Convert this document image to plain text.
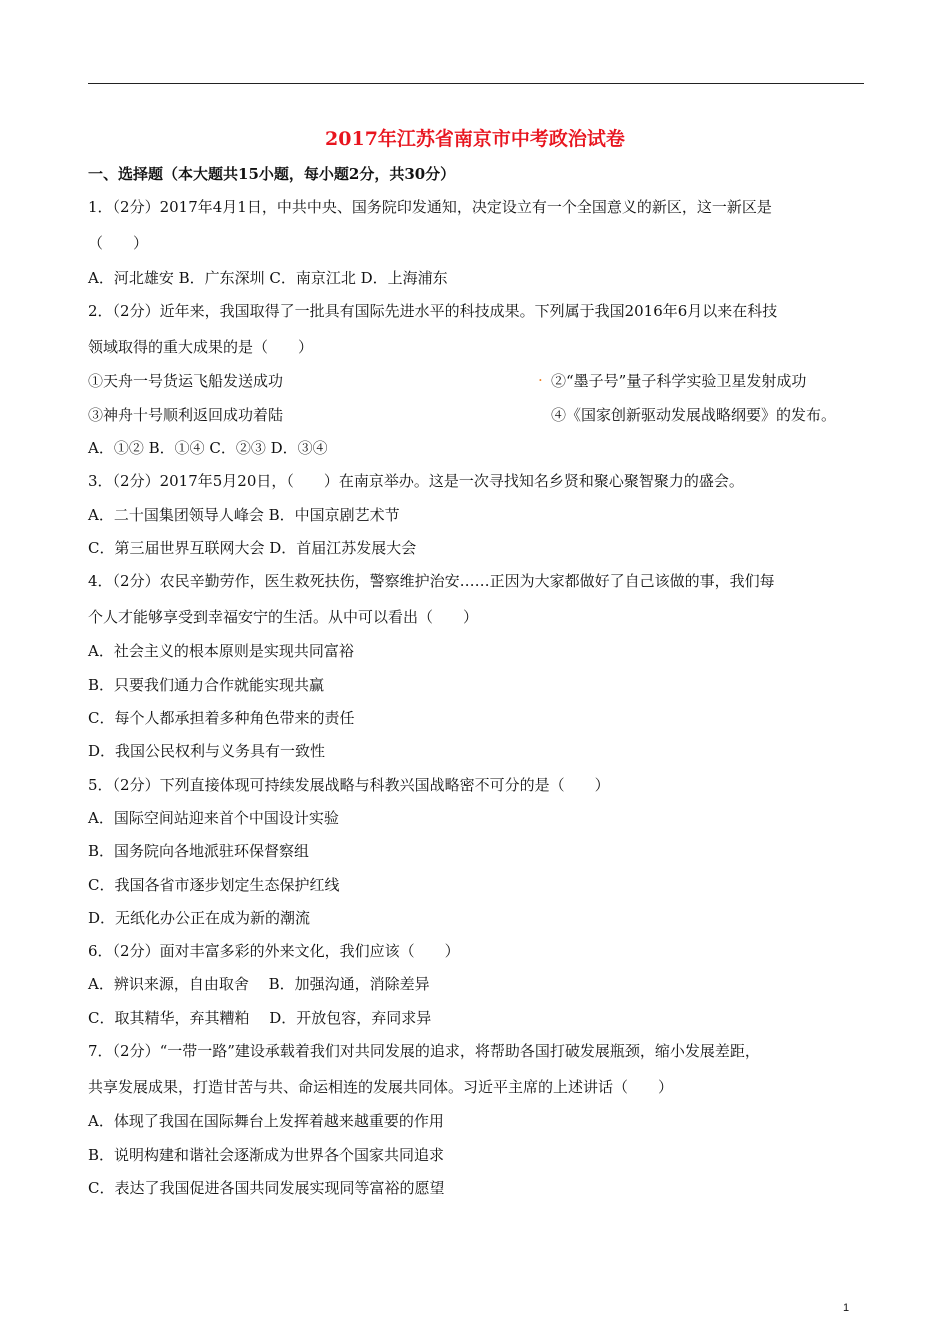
2017年江苏省南京市中考政治试卷
一、选择题（本大题共15小题，每小题2分，共30分）
1．（2分）2017年4月1日，中共中央、国务院印发通知，决定设立有一个全国意义的新区，这一新区是
（　　）
A．河北雄安 B．广东深圳 C．南京江北 D．上海浦东
2．（2分）近年来，我国取得了一批具有国际先进水平的科技成果。下列属于我国2016年6月以来在科技
领域取得的重大成果的是（　　）
①天舟一号货运飞船发送成功	. ②“墨子号”量子科学实验卫星发射成功
③神舟十号顺利返回成功着陆	④《国家创新驱动发展战略纲要》的发布。
A．①② B．①④ C．②③ D．③④
3．（2分）2017年5月20日，（　　）在南京举办。这是一次寻找知名乡贤和聚心聚智聚力的盛会。
A．二十国集团领导人峰会 B．中国京剧艺术节
C．第三届世界互联网大会 D．首届江苏发展大会
4．（2分）农民辛勤劳作，医生救死扶伤，警察维护治安……正因为大家都做好了自己该做的事，我们每
个人才能够享受到幸福安宁的生活。从中可以看出（　　）
A．社会主义的根本原则是实现共同富裕
B．只要我们通力合作就能实现共赢
C．每个人都承担着多种角色带来的责任
D．我国公民权利与义务具有一致性
5．（2分）下列直接体现可持续发展战略与科教兴国战略密不可分的是（　　）
A．国际空间站迎来首个中国设计实验
B．国务院向各地派驻环保督察组
C．我国各省市逐步划定生态保护红线
D．无纸化办公正在成为新的潮流
6．（2分）面对丰富多彩的外来文化，我们应该（　　）
A．辨识来源，自由取舍　 B．加强沟通，消除差异
C．取其精华，弃其糟粕　 D．开放包容，弃同求异
7．（2分）“一带一路”建设承载着我们对共同发展的追求，将帮助各国打破发展瓶颈，缩小发展差距，
共享发展成果，打造甘苦与共、命运相连的发展共同体。习近平主席的上述讲话（　　）
A．体现了我国在国际舞台上发挥着越来越重要的作用
B．说明构建和谐社会逐渐成为世界各个国家共同追求
C．表达了我国促进各国共同发展实现同等富裕的愿望
1
